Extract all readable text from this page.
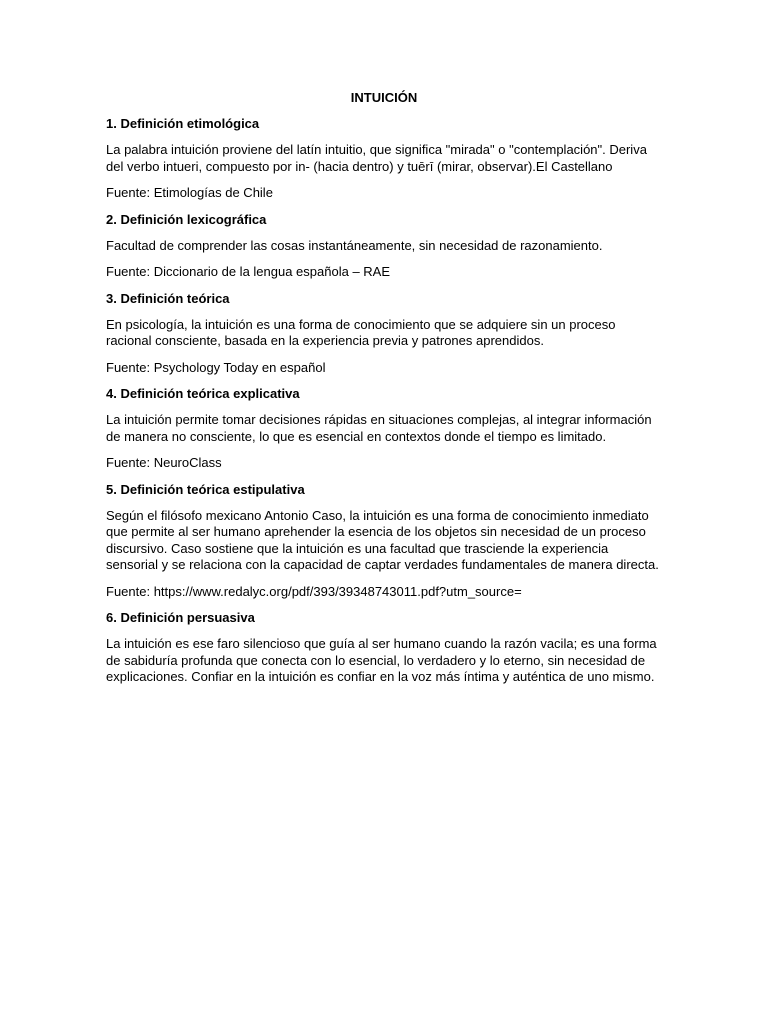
INTUICIÓN
1. Definición etimológica
La palabra intuición proviene del latín intuitio, que significa "mirada" o "contemplación". Deriva del verbo intueri, compuesto por in- (hacia dentro) y tuērī (mirar, observar).El Castellano
Fuente: Etimologías de Chile
2. Definición lexicográfica
Facultad de comprender las cosas instantáneamente, sin necesidad de razonamiento.
Fuente: Diccionario de la lengua española – RAE
3. Definición teórica
En psicología, la intuición es una forma de conocimiento que se adquiere sin un proceso racional consciente, basada en la experiencia previa y patrones aprendidos.
Fuente: Psychology Today en español
4. Definición teórica explicativa
La intuición permite tomar decisiones rápidas en situaciones complejas, al integrar información de manera no consciente, lo que es esencial en contextos donde el tiempo es limitado.
Fuente: NeuroClass
5. Definición teórica estipulativa
Según el filósofo mexicano Antonio Caso, la intuición es una forma de conocimiento inmediato que permite al ser humano aprehender la esencia de los objetos sin necesidad de un proceso discursivo. Caso sostiene que la intuición es una facultad que trasciende la experiencia sensorial y se relaciona con la capacidad de captar verdades fundamentales de manera directa.
Fuente: https://www.redalyc.org/pdf/393/39348743011.pdf?utm_source=
6. Definición persuasiva
La intuición es ese faro silencioso que guía al ser humano cuando la razón vacila; es una forma de sabiduría profunda que conecta con lo esencial, lo verdadero y lo eterno, sin necesidad de explicaciones. Confiar en la intuición es confiar en la voz más íntima y auténtica de uno mismo.
